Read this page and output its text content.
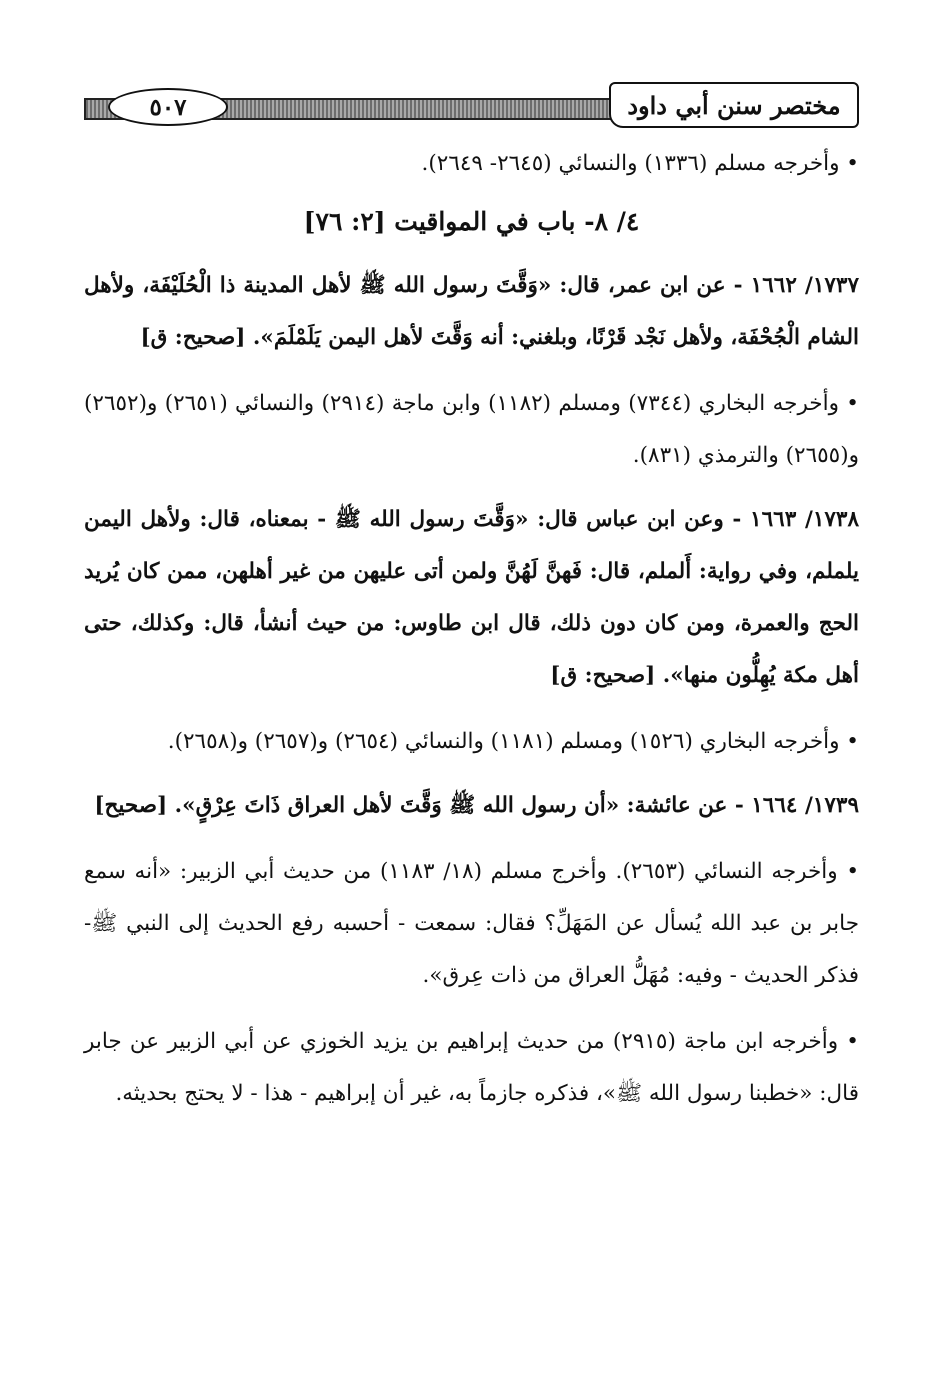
٥٠٧	مختصر سنن أبي داود
• وأخرجه مسلم (١٣٣٦) والنسائي (٢٦٤٥- ٢٦٤٩).
٤/ ٨- باب في المواقيت [٢: ٧٦]

١٧٣٧/ ١٦٦٢ - عن ابن عمر، قال: «وَقَّتَ رسول الله ﷺ لأهل المدينة ذا الْحُلَيْفَة، ولأهل الشام الْجُحْفَة، ولأهل نَجْد قَرْنًا، وبلغني: أنه وَقَّتَ لأهل اليمن يَلَمْلَمَ». [صحيح: ق]

• وأخرجه البخاري (٧٣٤٤) ومسلم (١١٨٢) وابن ماجة (٢٩١٤) والنسائي (٢٦٥١) و(٢٦٥٢) و(٢٦٥٥) والترمذي (٨٣١).

١٧٣٨/ ١٦٦٣ - وعن ابن عباس قال: «وَقَّتَ رسول الله ﷺ - بمعناه، قال: ولأهل اليمن يلملم، وفي رواية: أَلملم، قال: فَهنَّ لَهُنَّ ولمن أتى عليهن من غير أهلهن، ممن كان يُريد الحج والعمرة، ومن كان دون ذلك، قال ابن طاوس: من حيث أنشأ، قال: وكذلك، حتى أهل مكة يُهِلُّون منها». [صحيح: ق]

• وأخرجه البخاري (١٥٢٦) ومسلم (١١٨١) والنسائي (٢٦٥٤) و(٢٦٥٧) و(٢٦٥٨).

١٧٣٩/ ١٦٦٤ - عن عائشة: «أن رسول الله ﷺ وَقَّتَ لأهل العراق ذَاتَ عِرْقٍ». [صحيح]

• وأخرجه النسائي (٢٦٥٣). وأخرج مسلم (١٨/ ١١٨٣) من حديث أبي الزبير: «أنه سمع جابر بن عبد الله يُسأل عن المَهَلِّ؟ فقال: سمعت - أحسبه رفع الحديث إلى النبي ﷺ- فذكر الحديث - وفيه: مُهَلُّ العراق من ذات عِرق».

• وأخرجه ابن ماجة (٢٩١٥) من حديث إبراهيم بن يزيد الخوزي عن أبي الزبير عن جابر قال: «خطبنا رسول الله ﷺ»، فذكره جازماً به، غير أن إبراهيم - هذا - لا يحتج بحديثه.
